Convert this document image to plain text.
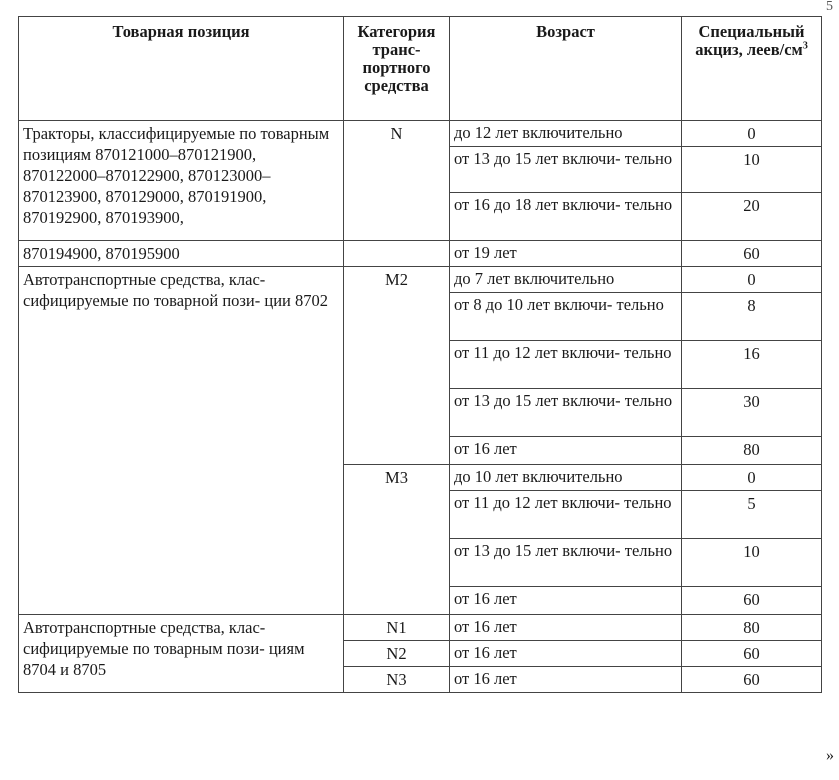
5
Товарная позиция	Категория транс- портного средства	Возраст	Специальный акциз, леев/$см^3$
Тракторы, классифицируемые по товарным позициям 870121000–870121900, 870122000–870122900, 870123000–870123900, 870129000, 870191900, 870192900, 870193900,	N	до 12 лет включительно	0
		от 13 до 15 лет включи- тельно	10
		от 16 до 18 лет включи- тельно	20
870194900, 870195900		от 19 лет	60
Автотранспортные средства, клас- сифицируемые по товарной пози- ции 8702	M2	до 7 лет включительно	0
		от 8 до 10 лет включи- тельно	8
		от 11 до 12 лет включи- тельно	16
		от 13 до 15 лет включи- тельно	30
		от 16 лет	80
	M3	до 10 лет включительно	0
		от 11 до 12 лет включи- тельно	5
		от 13 до 15 лет включи- тельно	10
		от 16 лет	60
Автотранспортные средства, клас- сифицируемые по товарным пози- циям 8704 и 8705	N1	от 16 лет	80
	N2	от 16 лет	60
	N3	от 16 лет	60
»
